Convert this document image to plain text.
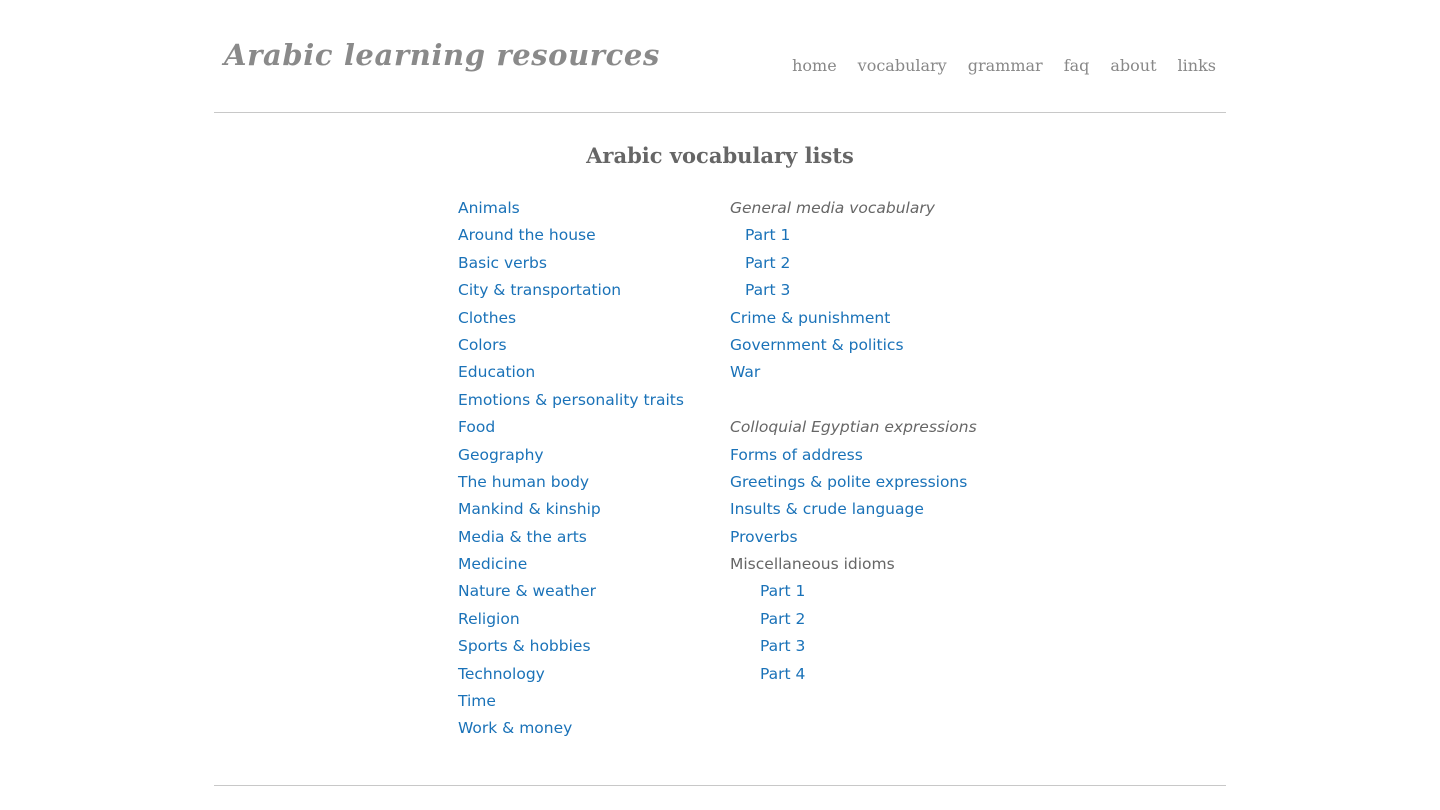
Arabic learning resources	home vocabulary grammar faq about links
Arabic vocabulary lists
Animals
Around the house
Basic verbs
City & transportation
Clothes
Colors
Education
Emotions & personality traits
Food
Geography
The human body
Mankind & kinship
Media & the arts
Medicine
Nature & weather
Religion
Sports & hobbies
Technology
Time
Work & money
General media vocabulary
Part 1
Part 2
Part 3
Crime & punishment
Government & politics
War
Colloquial Egyptian expressions
Forms of address
Greetings & polite expressions
Insults & crude language
Proverbs
Miscellaneous idioms
Part 1
Part 2
Part 3
Part 4
